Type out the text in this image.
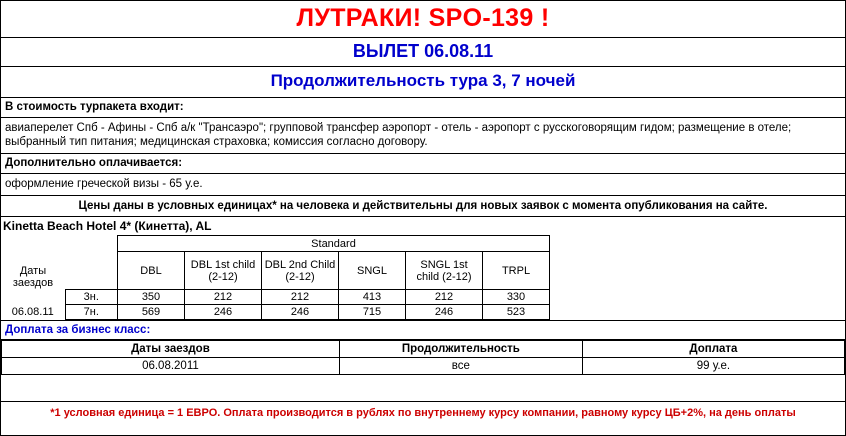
ЛУТРАКИ! SPO-139 !
ВЫЛЕТ 06.08.11
Продолжительность тура 3, 7 ночей
В стоимость турпакета входит:
авиаперелет Спб - Афины - Спб а/к "Трансаэро"; групповой трансфер аэропорт - отель - аэропорт с русскоговорящим гидом; размещение в отеле; выбранный тип питания; медицинская страховка; комиссия согласно договору.
Дополнительно оплачивается:
оформление греческой визы - 65 у.е.
Цены даны в условных единицах* на человека и действительны для новых заявок с момента опубликования на сайте.
Kinetta Beach Hotel 4* (Кинетта), AL
		Standard					
Даты заездов		DBL	DBL 1st child (2-12)	DBL 2nd Child (2-12)	SNGL	SNGL 1st child (2-12)	TRPL
	3н.	350	212	212	413	212	330
06.08.11	7н.	569	246	246	715	246	523
Доплата за бизнес класс:
Даты заездов	Продолжительность	Доплата
06.08.2011	все	99 у.е.
*1 условная единица = 1 ЕВРО. Оплата производится в рублях по внутреннему курсу компании, равному курсу ЦБ+2%, на день оплаты
